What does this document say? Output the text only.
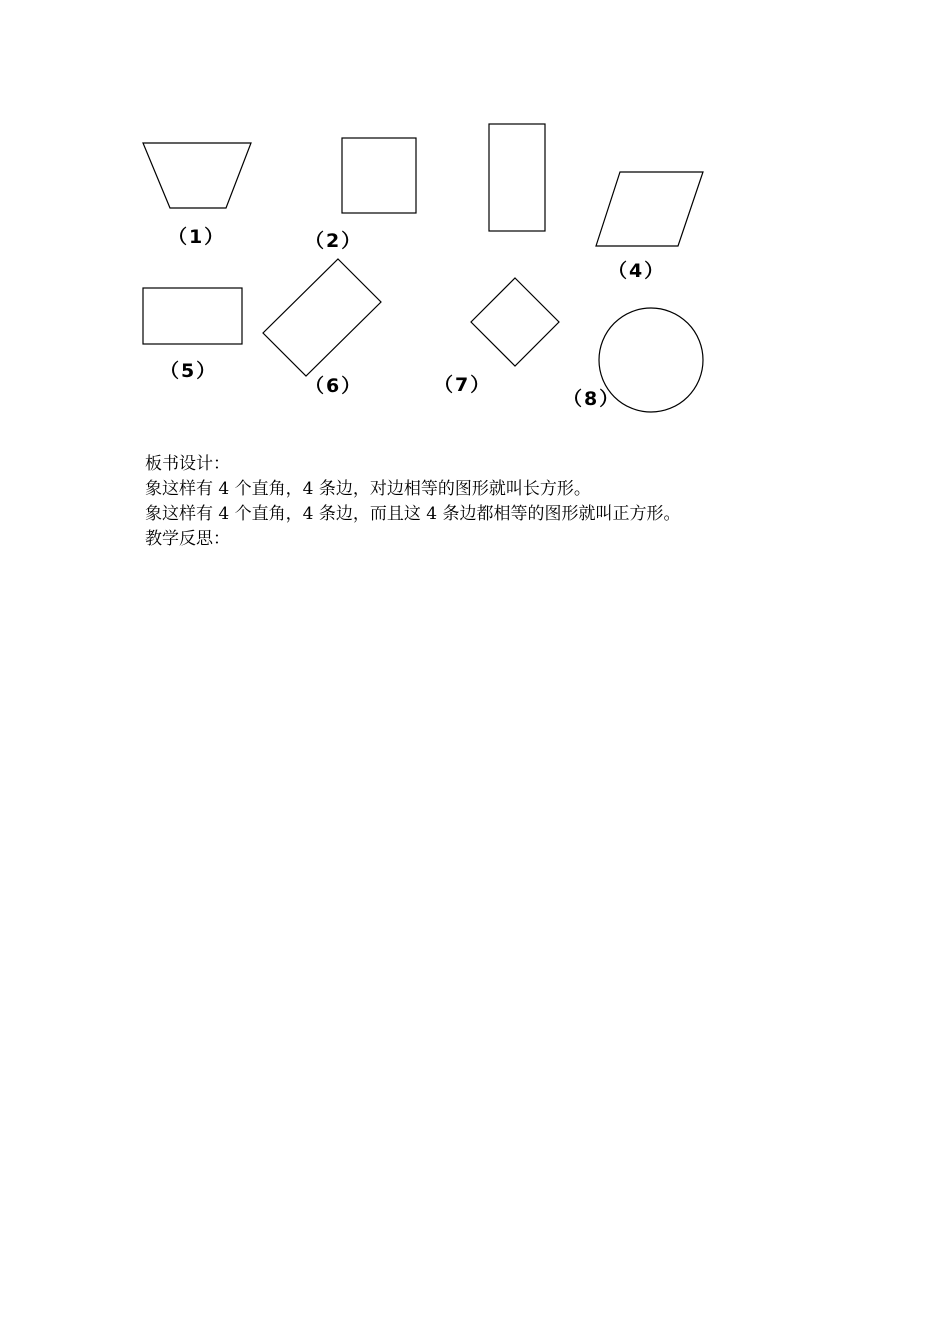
（1）	（2）
（4）
（5）
（6）	（7）
（8）
板书设计：
象这样有 4 个直角，4 条边，对边相等的图形就叫长方形。
象这样有 4 个直角，4 条边，而且这 4 条边都相等的图形就叫正方形。
教学反思：
